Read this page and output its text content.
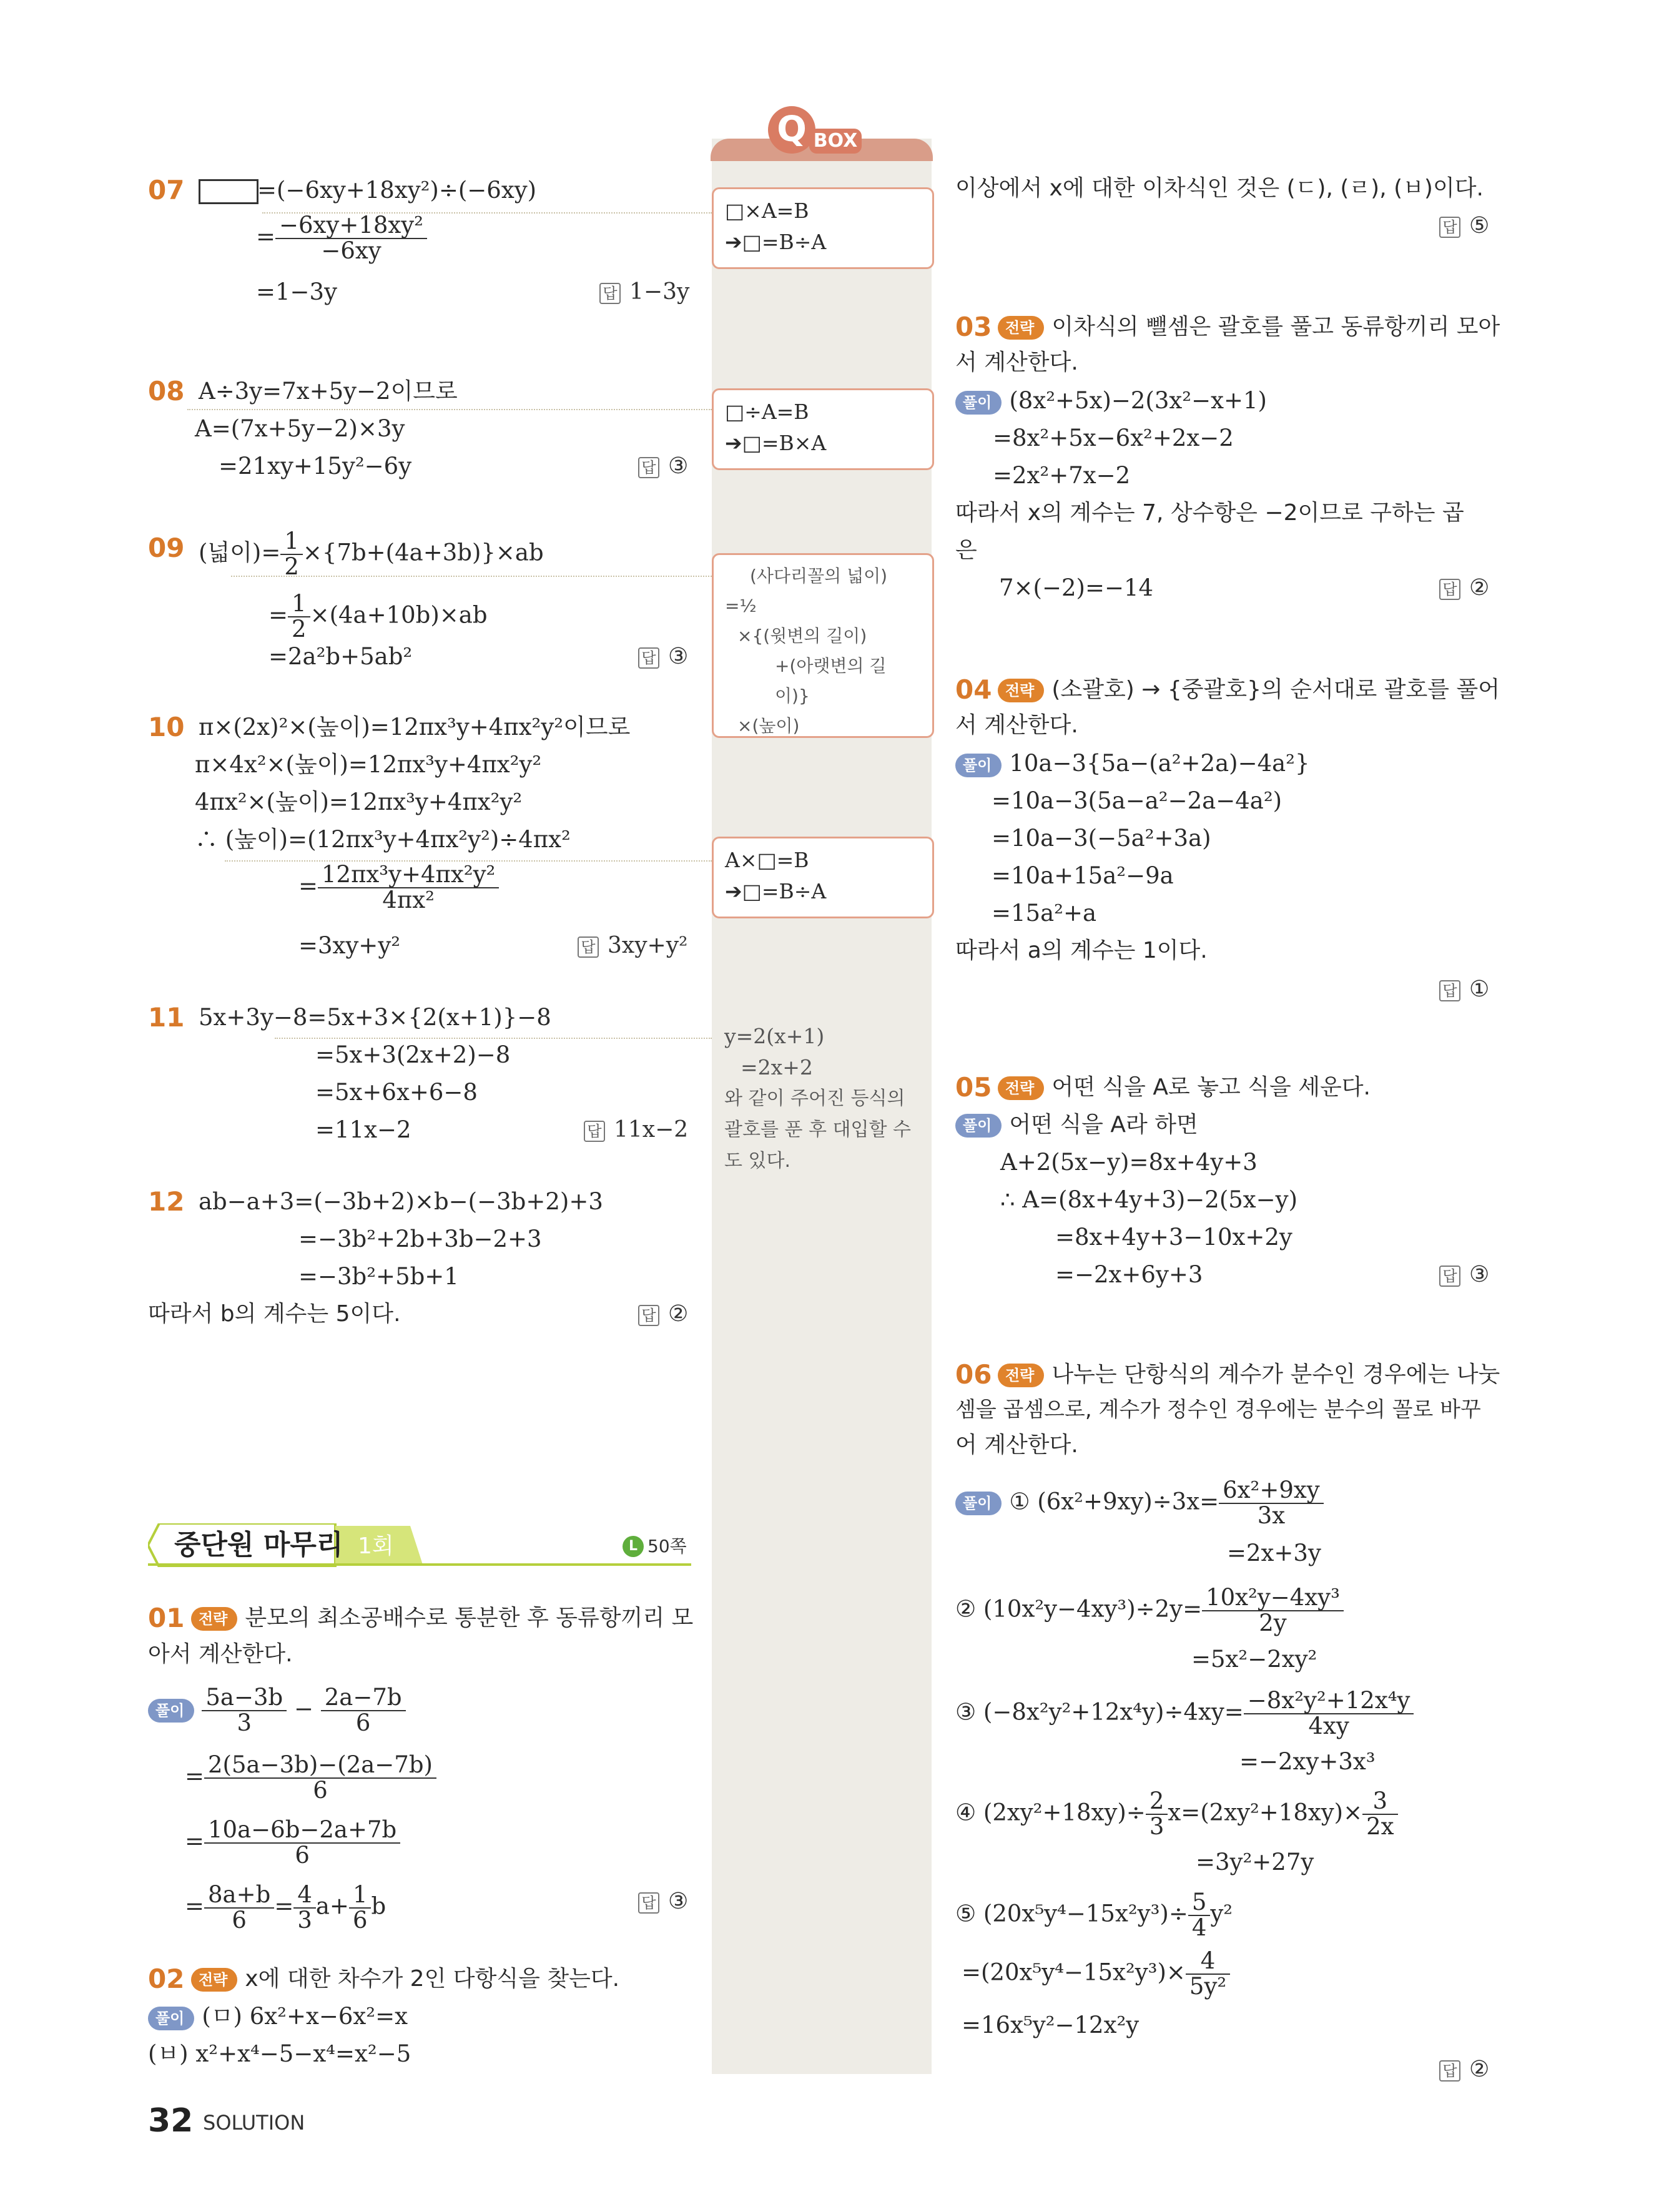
Q BOX
□×A=B
➔□=B÷A
□÷A=B
➔□=B×A
(사다리꼴의 넓이)
=½
×{(윗변의 길이)
+(아랫변의 길이)}
×(높이)
A×□=B
➔□=B÷A
y=2(x+1)
=2x+2
와 같이 주어진 등식의
괄호를 푼 후 대입할 수
도 있다.
07	=(−6xy+18xy²)÷(−6xy)
= $\frac{\text{−6xy+18xy²}}{-6xy}$
=1−3y	답 1−3y
08 A÷3y=7x+5y−2이므로
A=(7x+5y−2)×3y
=21xy+15y²−6y	답 ③
09 (넓이)= $\frac{1}{2} \times\{7b+(4a+3b)\}\times ab$
= $\frac{1}{2} \times(4a+10b)\times ab$
=2a²b+5ab²	답 ③
10 π×(2x)²×(높이)=12πx³y+4πx²y²이므로
π×4x²×(높이)=12πx³y+4πx²y²
4πx²×(높이)=12πx³y+4πx²y²
∴ (높이)=(12πx³y+4πx²y²)÷4πx²
= $\frac{\text{12πx³y+4πx²y²}}{\text{4πx²}}$
=3xy+y²	답 3xy+y²
11 5x+3y−8=5x+3×{2(x+1)}−8
=5x+3(2x+2)−8
=5x+6x+6−8
=11x−2	답 11x−2
12 ab−a+3=(−3b+2)×b−(−3b+2)+3
=−3b²+2b+3b−2+3
=−3b²+5b+1
따라서 b의 계수는 5이다.	답 ②
중단원 마무리 1회	L 50쪽
01 전략 분모의 최소공배수로 통분한 후 동류항끼리 모
아서 계산한다.
풀이 $\frac{5a-3b}{3} - \frac{2a-7b}{6}$
= $\frac{2(5a-3b)-(2a-7b)}{6}$
= $\frac{10a-6b-2a+7b}{6}$
= $\frac{8a+b}{6} = \frac{4}{3} a+ \frac{1}{6}$ b	답 ③
02 전략 x에 대한 차수가 2인 다항식을 찾는다.
풀이 (ㅁ) 6x²+x−6x²=x
(ㅂ) x²+x⁴−5−x⁴=x²−5
32 SOLUTION
이상에서 x에 대한 이차식인 것은 (ㄷ), (ㄹ), (ㅂ)이다.
답 ⑤
03 전략 이차식의 뺄셈은 괄호를 풀고 동류항끼리 모아
서 계산한다.
풀이 (8x²+5x)−2(3x²−x+1)
=8x²+5x−6x²+2x−2
=2x²+7x−2
따라서 x의 계수는 7, 상수항은 −2이므로 구하는 곱
은
7×(−2)=−14	답 ②
04 전략 (소괄호) → {중괄호}의 순서대로 괄호를 풀어
서 계산한다.
풀이 10a−3{5a−(a²+2a)−4a²}
=10a−3(5a−a²−2a−4a²)
=10a−3(−5a²+3a)
=10a+15a²−9a
=15a²+a
따라서 a의 계수는 1이다.
답 ①
05 전략 어떤 식을 A로 놓고 식을 세운다.
풀이 어떤 식을 A라 하면
A+2(5x−y)=8x+4y+3
∴ A=(8x+4y+3)−2(5x−y)
=8x+4y+3−10x+2y
=−2x+6y+3	답 ③
06 전략 나누는 단항식의 계수가 분수인 경우에는 나눗
셈을 곱셈으로, 계수가 정수인 경우에는 분수의 꼴로 바꾸
어 계산한다.
풀이 ① $(6x^2+9xy)\div 3x= \frac{\text{6x²+9xy}}{3x}$
=2x+3y
② $(10x^2y-4xy^3)\div 2y= \frac{\text{10x²y−4xy³}}{2y}$
=5x²−2xy²
③ $(-8x^2y^2+12x^4y)\div 4xy= \frac{\text{−8x²y²+12x⁴y}}{4xy}$
=−2xy+3x³
④ $(2xy^2+18xy)\div \frac{2}{3} x=(2xy^2+18xy)\times \frac{3}{2x}$
=3y²+27y
⑤ $(20x^5y^4-15x^2y^3)\div \frac{5}{4} y^2$
$=(20x^5y^4-15x^2y^3)\times \frac{4}{\text{5y²}}$
=16x⁵y²−12x²y
답 ②
